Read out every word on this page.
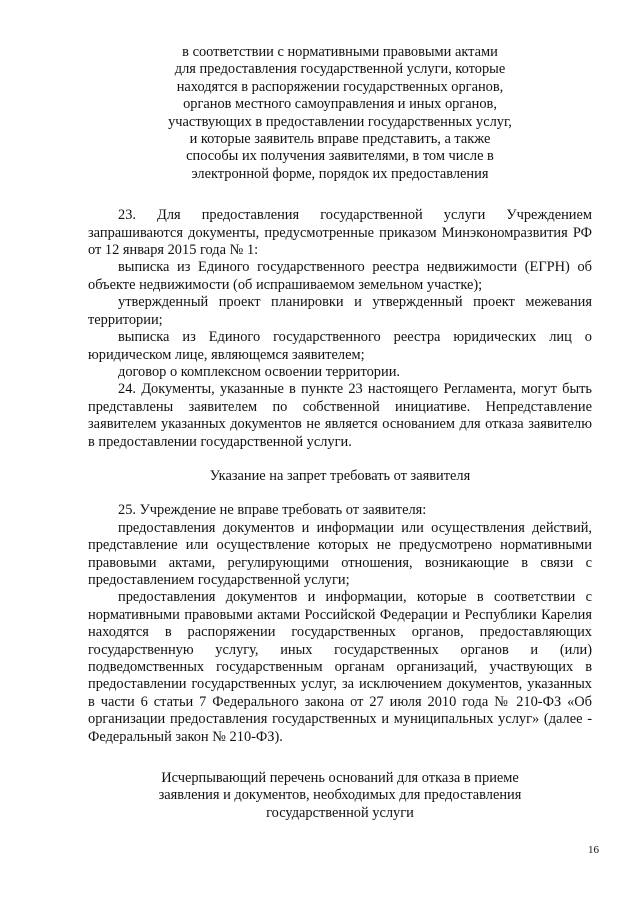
в соответствии с нормативными правовыми актами
для предоставления государственной услуги, которые
находятся в распоряжении государственных органов,
органов местного самоуправления и иных органов,
участвующих в предоставлении государственных услуг,
и которые заявитель вправе представить, а также
способы их получения заявителями, в том числе в
электронной форме, порядок их предоставления

23. Для предоставления государственной услуги Учреждением запрашиваются документы, предусмотренные приказом Минэкономразвития РФ от 12 января 2015 года № 1:

выписка из Единого государственного реестра недвижимости (ЕГРН) об объекте недвижимости (об испрашиваемом земельном участке);

утвержденный проект планировки и утвержденный проект межевания территории;

выписка из Единого государственного реестра юридических лиц о юридическом лице, являющемся заявителем;

договор о комплексном освоении территории.

24. Документы, указанные в пункте 23 настоящего Регламента, могут быть представлены заявителем по собственной инициативе. Непредставление заявителем указанных документов не является основанием для отказа заявителю в предоставлении государственной услуги.

Указание на запрет требовать от заявителя

25. Учреждение не вправе требовать от заявителя:

предоставления документов и информации или осуществления действий, представление или осуществление которых не предусмотрено нормативными правовыми актами, регулирующими отношения, возникающие в связи с предоставлением государственной услуги;

предоставления документов и информации, которые в соответствии с нормативными правовыми актами Российской Федерации и Республики Карелия находятся в распоряжении государственных органов, предоставляющих государственную услугу, иных государственных органов и (или) подведомственных государственным органам организаций, участвующих в предоставлении государственных услуг, за исключением документов, указанных в части 6 статьи 7 Федерального закона от 27 июля 2010 года № 210-ФЗ «Об организации предоставления государственных и муниципальных услуг» (далее - Федеральный закон № 210-ФЗ).

Исчерпывающий перечень оснований для отказа в приеме
заявления и документов, необходимых для предоставления
государственной услуги
16
